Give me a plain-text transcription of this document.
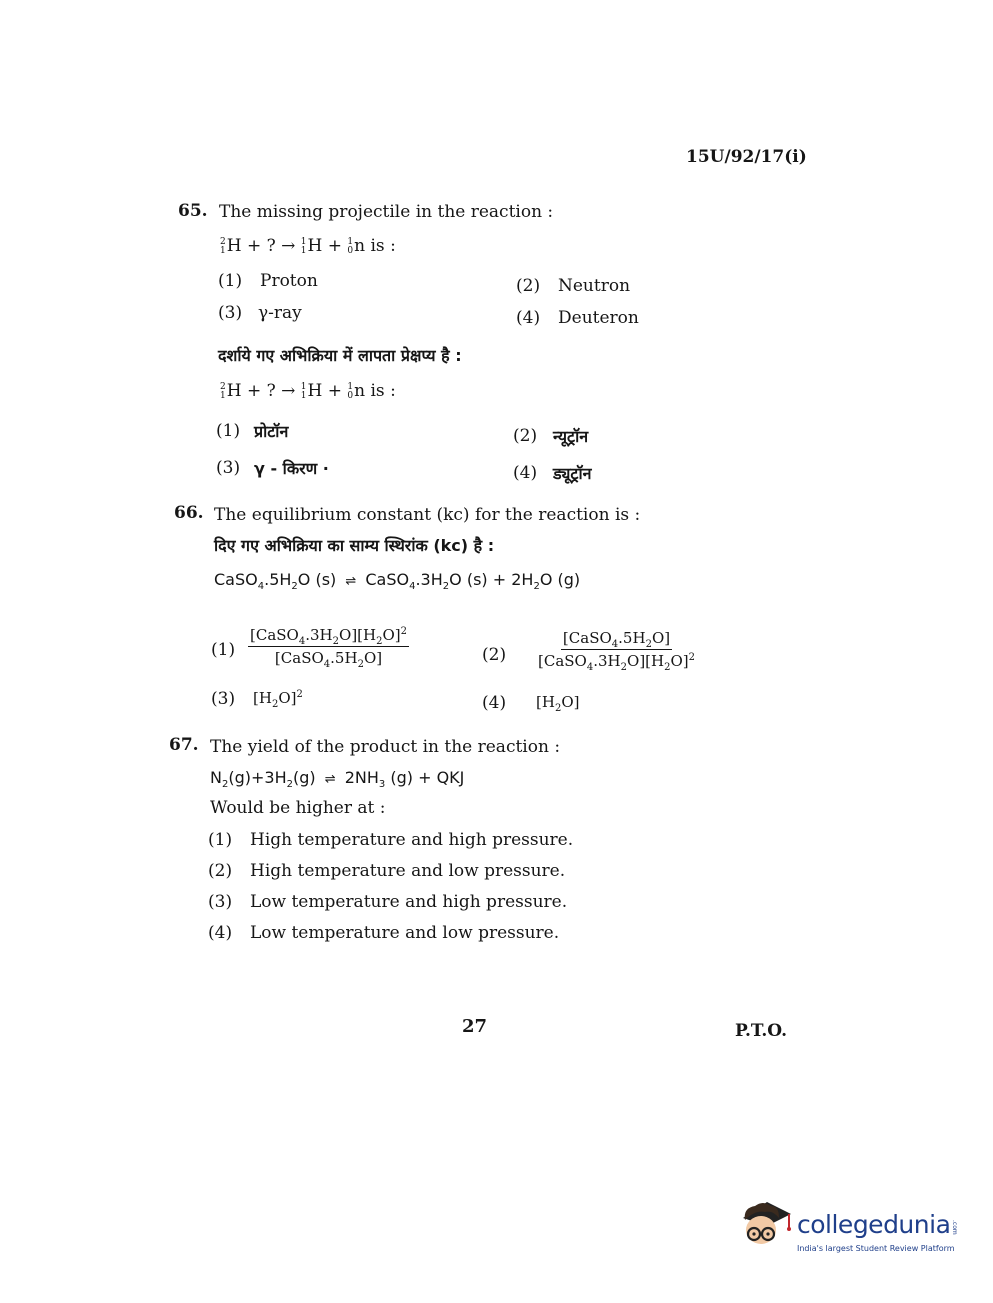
15U/92/17(i)
65. The missing projectile in the reaction :
2
1 H + ? → 1
1 H + 1
0 n is :
(1) Proton	(2) Neutron
(3) γ-ray	(4) Deuteron
दर्शाये गए अभिक्रिया में लापता प्रेक्षप्य है :
2
1 H + ? → 1
1 H + 1
0 n is :
(1) प्रोटॉन	(2) न्यूट्रॉन
(3) γ - किरण ·	(4) ड्यूट्रॉन
66. The equilibrium constant (kc) for the reaction is :
दिए गए अभिक्रिया का साम्य स्थिरांक (kc) है :
$CaSO_4.5H_2O$ (s) ⇌ $CaSO_4.3H_2O$ $(s) + 2H_2O$ (g)
$(1) \frac{[CaSO_4.3H_2O][H_2O]^2}{[CaSO_4.5H_2O]}$	$(2) \frac{[CaSO_4.5H_2O]}{[CaSO_4.3H_2O][H_2O]^2}$
(3) $[H_2O]^2$	(4) $[H_2O]$
67. The yield of the product in the reaction :
$N_2(g)+3H_2(g)$ ⇌ $2NH_3$ (g) + QKJ
Would be higher at :
(1) High temperature and high pressure.
(2) High temperature and low pressure.
(3) Low temperature and high pressure.
(4) Low temperature and low pressure.
27	P.T.O.
collegedunia .com
India's largest Student Review Platform
